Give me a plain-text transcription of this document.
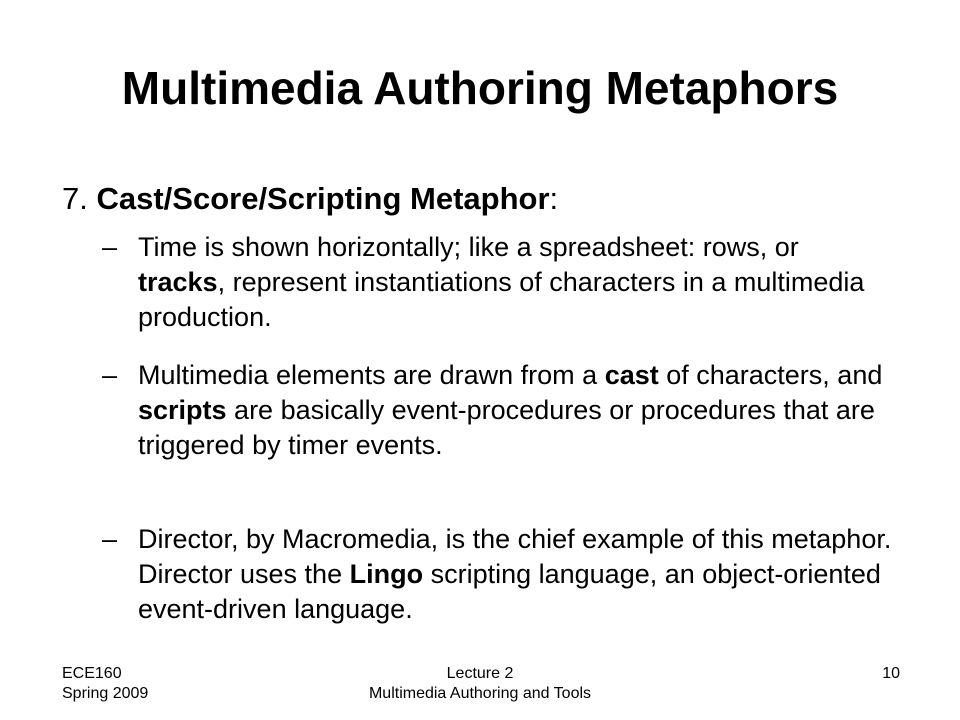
Multimedia Authoring Metaphors
7. Cast/Score/Scripting Metaphor:
– Time is shown horizontally; like a spreadsheet: rows, or tracks, represent instantiations of characters in a multimedia production.
– Multimedia elements are drawn from a cast of characters, and scripts are basically event-procedures or procedures that are triggered by timer events.
– Director, by Macromedia, is the chief example of this metaphor. Director uses the Lingo scripting language, an object-oriented event-driven language.
ECE160
Spring 2009
Lecture 2
Multimedia Authoring and Tools
10
